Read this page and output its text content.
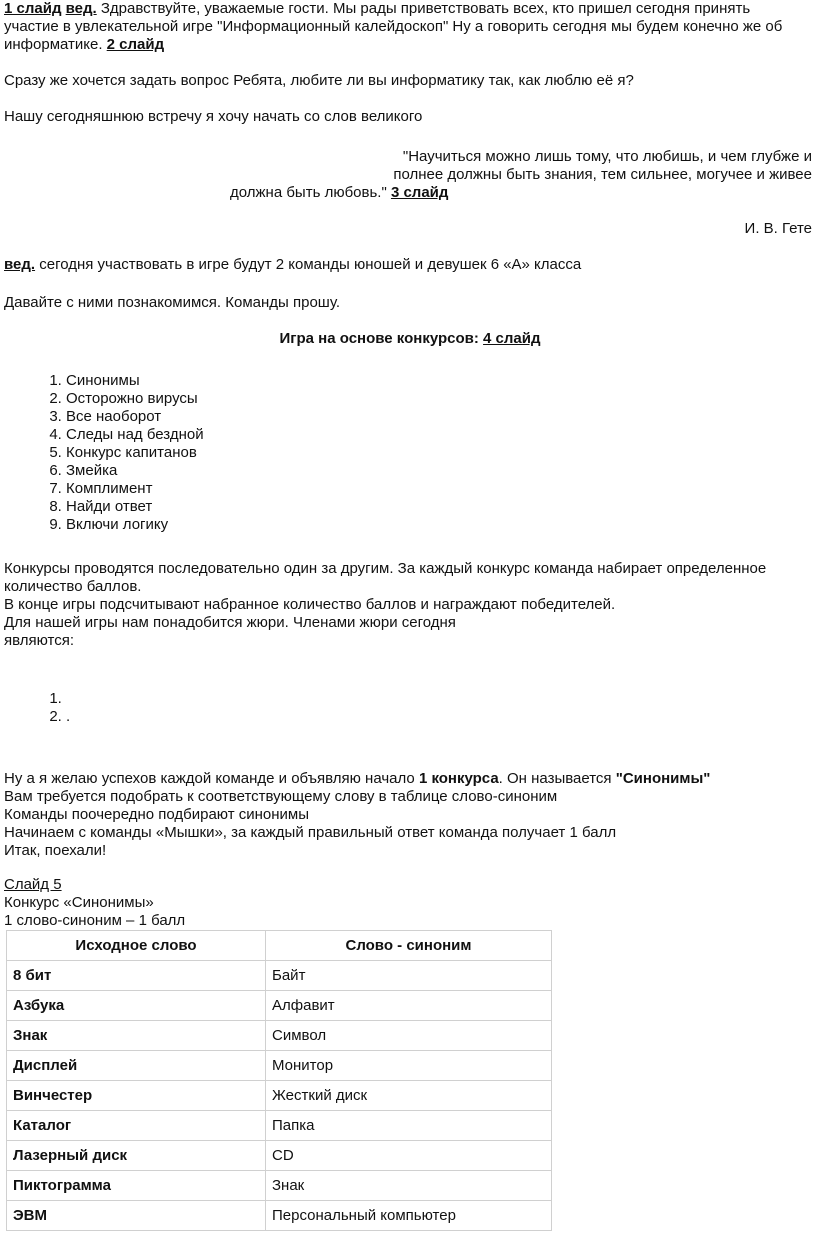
1 слайд вед. Здравствуйте, уважаемые гости. Мы рады приветствовать всех, кто пришел сегодня принять участие в увлекательной игре "Информационный калейдоскоп" Ну а говорить сегодня мы будем конечно же об информатике. 2 слайд

Сразу же хочется задать вопрос Ребята, любите ли вы информатику так, как люблю её я?

Нашу сегодняшнюю встречу я хочу начать со слов великого

"Научиться можно лишь тому, что любишь, и чем глубже и
полнее должны быть знания, тем сильнее, могучее и живее
должна быть любовь." 3 слайд
И. В. Гете

вед. сегодня участвовать в игре будут 2 команды юношей и девушек 6 «А» класса

Давайте с ними познакомимся. Команды прошу.

Игра на основе конкурсов: 4 слайд

1. Синонимы
2. Осторожно вирусы
3. Все наоборот
4. Следы над бездной
5. Конкурс капитанов
6. Змейка
7. Комплимент
8. Найди ответ
9. Включи логику

Конкурсы проводятся последовательно один за другим. За каждый конкурс команда набирает определенное количество баллов.

В конце игры подсчитывают набранное количество баллов и награждают победителей.

Для нашей игры нам понадобится жюри. Членами жюри сегодня

являются:

1.
2. .

Ну а я желаю успехов каждой команде и объявляю начало 1 конкурса. Он называется "Синонимы"

Вам требуется подобрать к соответствующему слову в таблице слово-синоним

Команды поочередно подбирают синонимы

Начинаем с команды «Мышки», за каждый правильный ответ команда получает 1 балл

Итак, поехали!

Слайд 5

Конкурс «Синонимы»

1 слово-синоним – 1 балл

Исходное слово	Слово - синоним
8 бит	Байт
Азбука	Алфавит
Знак	Символ
Дисплей	Монитор
Винчестер	Жесткий диск
Каталог	Папка
Лазерный диск	CD
Пиктограмма	Знак
ЭВМ	Персональный компьютер
